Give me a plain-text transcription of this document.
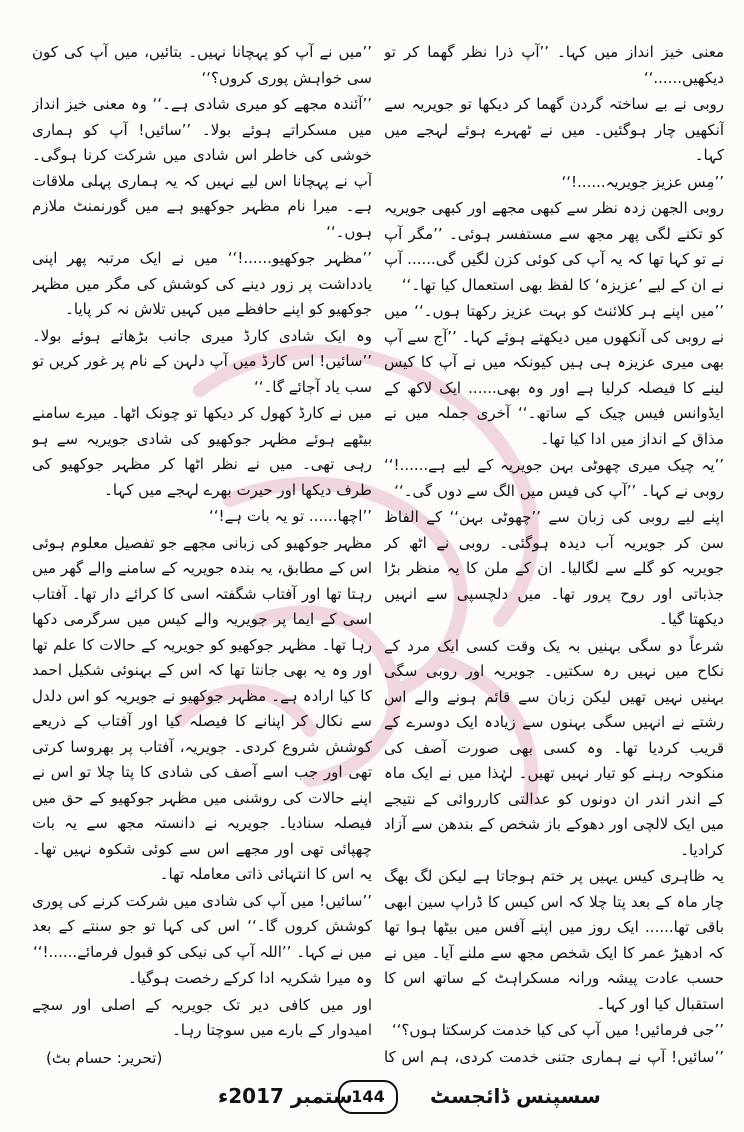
معنی خیز انداز میں کہا۔ ’’آپ ذرا نظر گھما کر تو دیکھیں......‘‘

روبی نے بے ساختہ گردن گھما کر دیکھا تو جویریہ سے آنکھیں چار ہوگئیں۔ میں نے ٹھہرے ہوئے لہجے میں کہا۔

’’مِس عزیز جویریہ......!‘‘

روبی الجھن زدہ نظر سے کبھی مجھے اور کبھی جویریہ کو تکنے لگی پھر مجھ سے مستفسر ہوئی۔ ’’مگر آپ نے تو کہا تھا کہ یہ آپ کی کوئی کزن لگیں گی...... آپ نے ان کے لیے ’عزیزہ‘ کا لفظ بھی استعمال کیا تھا۔‘‘

’’میں اپنے ہر کلائنٹ کو بہت عزیز رکھتا ہوں۔‘‘ میں نے روبی کی آنکھوں میں دیکھتے ہوئے کہا۔ ’’آج سے آپ بھی میری عزیزہ ہی ہیں کیونکہ میں نے آپ کا کیس لینے کا فیصلہ کرلیا ہے اور وہ بھی...... ایک لاکھ کے ایڈوانس فیس چیک کے ساتھ۔‘‘ آخری جملہ میں نے مذاق کے انداز میں ادا کیا تھا۔

’’یہ چیک میری چھوٹی بہن جویریہ کے لیے ہے......!‘‘ روبی نے کہا۔ ’’آپ کی فیس میں الگ سے دوں گی۔‘‘

اپنے لیے روبی کی زبان سے ’’چھوٹی بہن‘‘ کے الفاظ سن کر جویریہ آب دیدہ ہوگئی۔ روبی نے اٹھ کر جویریہ کو گلے سے لگالیا۔ ان کے ملن کا یہ منظر بڑا جذباتی اور روح پرور تھا۔ میں دلچسپی سے انہیں دیکھتا گیا۔

شرعاً دو سگی بہنیں بہ یک وقت کسی ایک مرد کے نکاح میں نہیں رہ سکتیں۔ جویریہ اور روبی سگی بہنیں نہیں تھیں لیکن زبان سے قائم ہونے والے اس رشتے نے انہیں سگی بہنوں سے زیادہ ایک دوسرے کے قریب کردیا تھا۔ وہ کسی بھی صورت آصف کی منکوحہ رہنے کو تیار نہیں تھیں۔ لہٰذا میں نے ایک ماہ کے اندر اندر ان دونوں کو عدالتی کارروائی کے نتیجے میں ایک لالچی اور دھوکے باز شخص کے بندھن سے آزاد کرادیا۔

یہ ظاہری کیس یہیں پر ختم ہوجاتا ہے لیکن لگ بھگ چار ماہ کے بعد پتا چلا کہ اس کیس کا ڈراپ سین ابھی باقی تھا...... ایک روز میں اپنے آفس میں بیٹھا ہوا تھا کہ ادھیڑ عمر کا ایک شخص مجھ سے ملنے آیا۔ میں نے حسب عادت پیشہ ورانہ مسکراہٹ کے ساتھ اس کا استقبال کیا اور کہا۔

’’جی فرمائیں! میں آپ کی کیا خدمت کرسکتا ہوں؟‘‘

’’سائیں! آپ نے ہماری جتنی خدمت کردی، ہم اس کا

’’میں نے آپ کو پہچانا نہیں۔ بتائیں، میں آپ کی کون سی خواہش پوری کروں؟‘‘

’’آئندہ مجھے کو میری شادی ہے۔‘‘ وہ معنی خیز انداز میں مسکراتے ہوئے بولا۔ ’’سائیں! آپ کو ہماری خوشی کی خاطر اس شادی میں شرکت کرنا ہوگی۔ آپ نے پہچانا اس لیے نہیں کہ یہ ہماری پہلی ملاقات ہے۔ میرا نام مظہر جوکھیو ہے میں گورنمنٹ ملازم ہوں۔‘‘

’’مظہر جوکھیو......!‘‘ میں نے ایک مرتبہ پھر اپنی یادداشت پر زور دینے کی کوشش کی مگر میں مظہر جوکھیو کو اپنے حافظے میں کہیں تلاش نہ کر پایا۔

وہ ایک شادی کارڈ میری جانب بڑھاتے ہوئے بولا۔ ’’سائیں! اس کارڈ میں آپ دلہن کے نام پر غور کریں تو سب یاد آجائے گا۔‘‘

میں نے کارڈ کھول کر دیکھا تو چونک اٹھا۔ میرے سامنے بیٹھے ہوئے مظہر جوکھیو کی شادی جویریہ سے ہو رہی تھی۔ میں نے نظر اٹھا کر مظہر جوکھیو کی طرف دیکھا اور حیرت بھرے لہجے میں کہا۔

’’اچھا...... تو یہ بات ہے!‘‘

مظہر جوکھیو کی زبانی مجھے جو تفصیل معلوم ہوئی اس کے مطابق، یہ بندہ جویریہ کے سامنے والے گھر میں رہتا تھا اور آفتاب شگفتہ اسی کا کرائے دار تھا۔ آفتاب اسی کے ایما پر جویریہ والے کیس میں سرگرمی دکھا رہا تھا۔ مظہر جوکھیو کو جویریہ کے حالات کا علم تھا اور وہ یہ بھی جانتا تھا کہ اس کے بہنوئی شکیل احمد کا کیا ارادہ ہے۔ مظہر جوکھیو نے جویریہ کو اس دلدل سے نکال کر اپنانے کا فیصلہ کیا اور آفتاب کے ذریعے کوشش شروع کردی۔ جویریہ، آفتاب پر بھروسا کرتی تھی اور جب اسے آصف کی شادی کا پتا چلا تو اس نے اپنے حالات کی روشنی میں مظہر جوکھیو کے حق میں فیصلہ سنادیا۔ جویریہ نے دانستہ مجھ سے یہ بات چھپائی تھی اور مجھے اس سے کوئی شکوہ نہیں تھا۔ یہ اس کا انتہائی ذاتی معاملہ تھا۔

’’سائیں! میں آپ کی شادی میں شرکت کرنے کی پوری کوشش کروں گا۔‘‘ اس کی کہا تو جو سنتے کے بعد میں نے کہا۔ ’’اللہ آپ کی نیکی کو قبول فرمائے......!‘‘

وہ میرا شکریہ ادا کرکے رخصت ہوگیا۔

اور میں کافی دیر تک جویریہ کے اصلی اور سچے امیدوار کے بارے میں سوچتا رہا۔

(تحریر: حسام بٹ)
سسپنس ڈائجسٹ
144
ستمبر 2017ء
